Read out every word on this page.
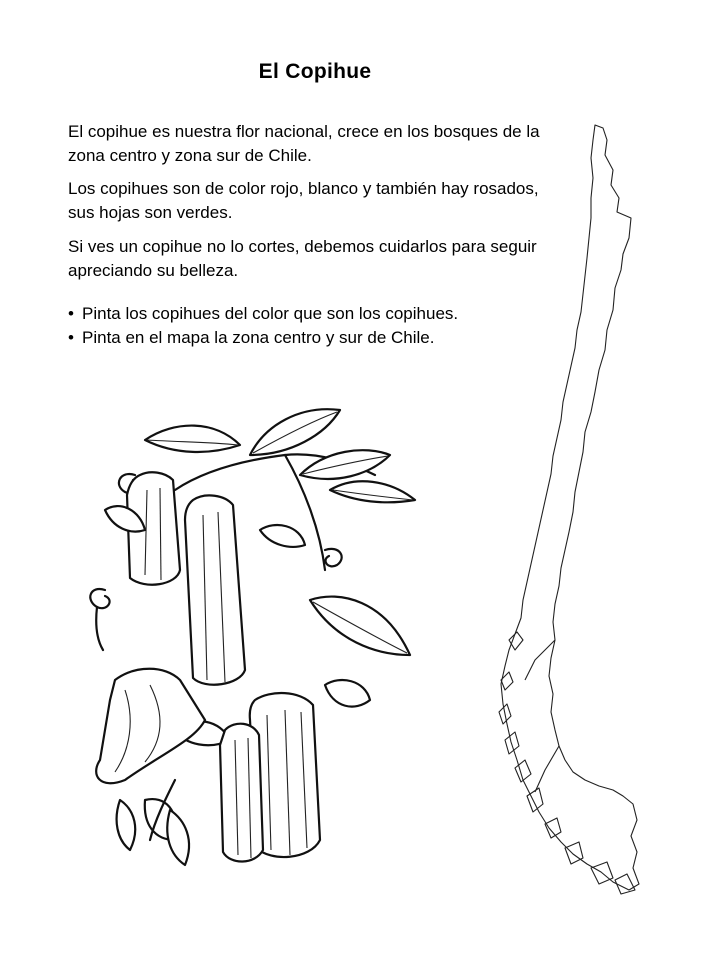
El Copihue

El copihue es nuestra flor nacional, crece en los bosques de la zona centro y zona sur de Chile.

Los copihues son de color rojo, blanco y también hay rosados, sus hojas son verdes.

Si ves un copihue no lo cortes, debemos cuidarlos para seguir apreciando su belleza.

• Pinta los copihues del color que son los copihues.
• Pinta en el mapa la zona centro y sur de Chile.
